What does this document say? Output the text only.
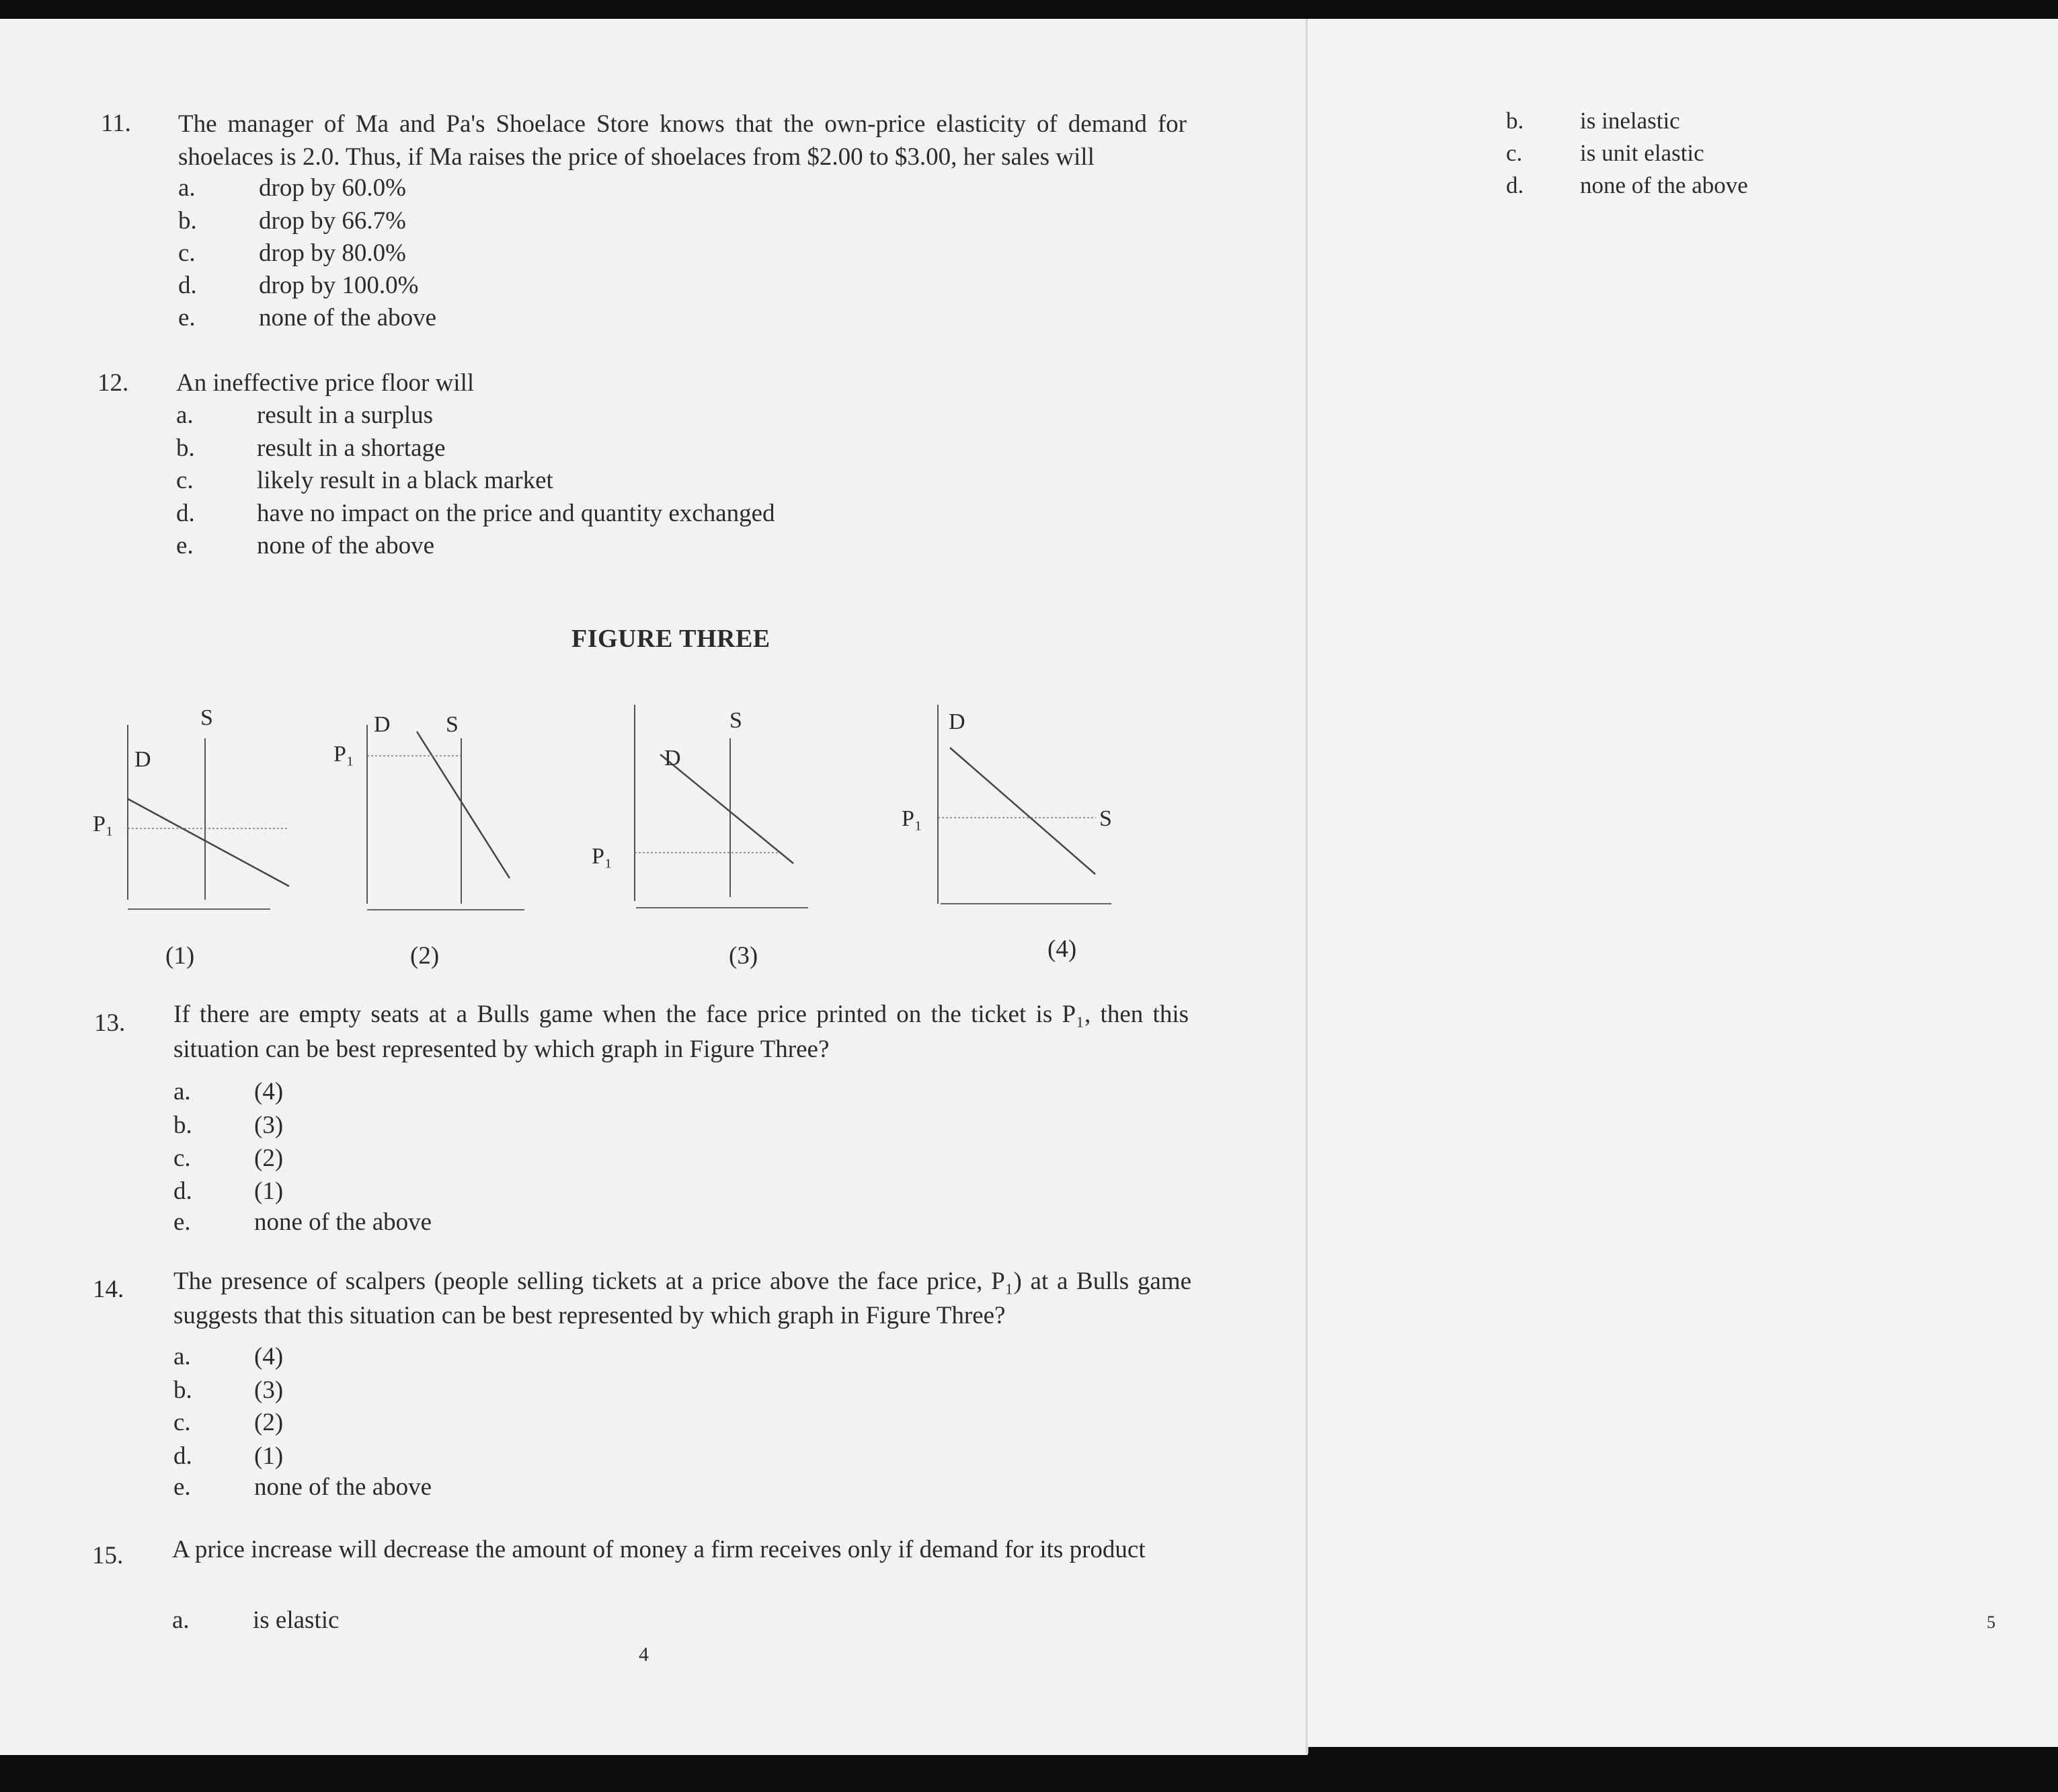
11. The manager of Ma and Pa's Shoelace Store knows that the own-price elasticity of demand for shoelaces is 2.0. Thus, if Ma raises the price of shoelaces from $2.00 to $3.00, her sales will
a.	drop by 60.0%
b. drop by 66.7%
c.	drop by 80.0%
d. drop by 100.0%
e.	none of the above
12. An ineffective price floor will
a.	result in a surplus
b. result in a shortage
c.	likely result in a black market
d. have no impact on the price and quantity exchanged
e.	none of the above
FIGURE THREE
S
D
P₁
(1)
D S
P₁
(2)
S
D
P₁
(3)
D
S
P₁
(4)
13. If there are empty seats at a Bulls game when the face price printed on the ticket is P₁, then this situation can be best represented by which graph in Figure Three?
a.	(4)
b. (3)
c.	(2)
d. (1)
e.	none of the above
14. The presence of scalpers (people selling tickets at a price above the face price, P₁) at a Bulls game suggests that this situation can be best represented by which graph in Figure Three?
a.	(4)
b. (3)
c.	(2)
d. (1)
e.	none of the above
15. A price increase will decrease the amount of money a firm receives only if demand for its product
a.	is elastic
4
b. is inelastic
c. is unit elastic
d. none of the above
5
